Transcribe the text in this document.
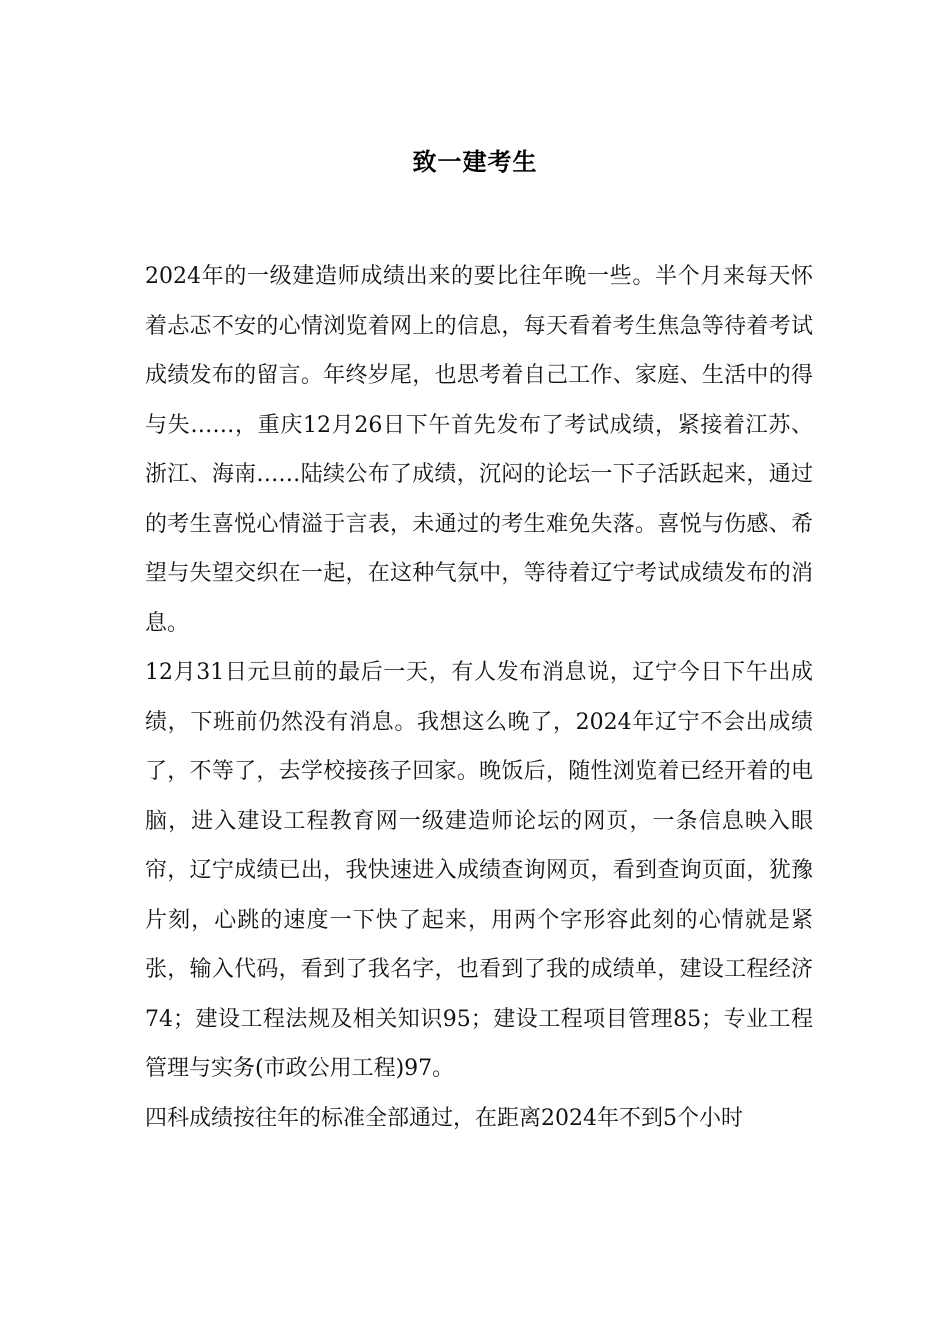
致一建考生

2024年的一级建造师成绩出来的要比往年晚一些。半个月来每天怀着忐忑不安的心情浏览着网上的信息，每天看着考生焦急等待着考试成绩发布的留言。年终岁尾，也思考着自己工作、家庭、生活中的得与失……，重庆12月26日下午首先发布了考试成绩，紧接着江苏、浙江、海南……陆续公布了成绩，沉闷的论坛一下子活跃起来，通过的考生喜悦心情溢于言表，未通过的考生难免失落。喜悦与伤感、希望与失望交织在一起，在这种气氛中，等待着辽宁考试成绩发布的消息。

12月31日元旦前的最后一天，有人发布消息说，辽宁今日下午出成绩，下班前仍然没有消息。我想这么晚了，2024年辽宁不会出成绩了，不等了，去学校接孩子回家。晚饭后，随性浏览着已经开着的电脑，进入建设工程教育网一级建造师论坛的网页，一条信息映入眼帘，辽宁成绩已出，我快速进入成绩查询网页，看到查询页面，犹豫片刻，心跳的速度一下快了起来，用两个字形容此刻的心情就是紧张，输入代码，看到了我名字，也看到了我的成绩单，建设工程经济74；建设工程法规及相关知识95；建设工程项目管理85；专业工程管理与实务(市政公用工程)97。

四科成绩按往年的标准全部通过，在距离2024年不到5个小时
